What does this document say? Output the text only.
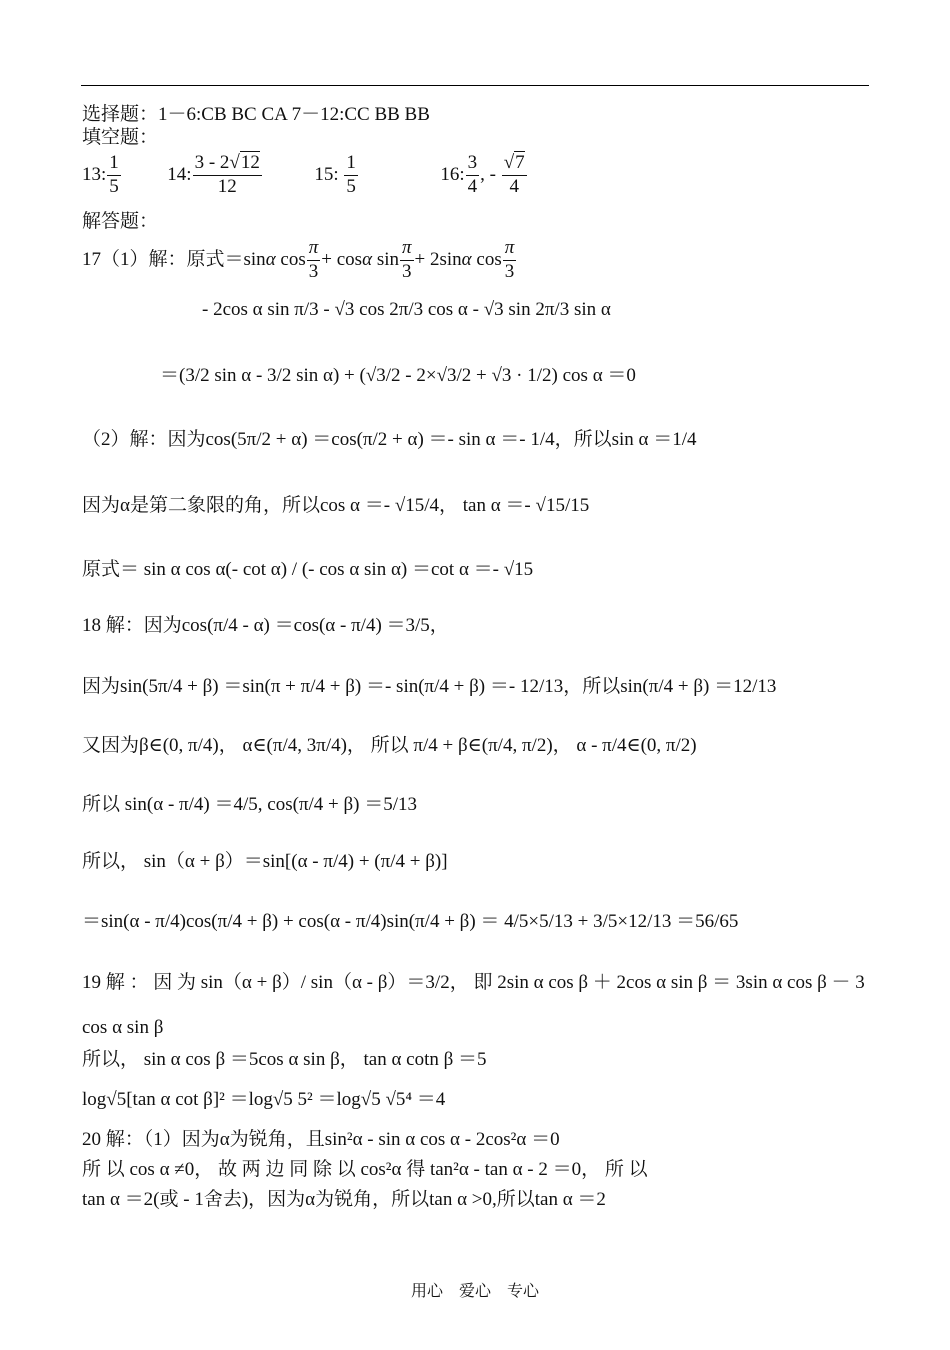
选择题：1－6:CB BC CA 7－12:CC BB BB
填空题：
13: $\frac{1}{5} 14$: $\frac{3 - 2√12}{12}$	15: $\frac{1}{5}$	16: $\frac{3}{4}$ , - $\frac{√7}{4}$
解答题：
17（1）解：原式＝sinα $\cos \frac{\pi}{3} + \cos\alpha$ $\sin \frac{\pi}{3} + 2\sin\alpha$ $\cos \frac{\pi}{3}$
- 2cos α sin π/3 - √3 cos 2π/3 cos α - √3 sin 2π/3 sin α
＝(3/2 sin α - 3/2 sin α) + (√3/2 - 2×√3/2 + √3 · 1/2) cos α ＝0
（2）解：因为cos(5π/2 + α) ＝cos(π/2 + α) ＝- sin α ＝- 1/4，所以sin α ＝1/4
因为α是第二象限的角，所以cos α ＝- √15/4， tan α ＝- √15/15
原式＝ sin α cos α(- cot α) / (- cos α sin α) ＝cot α ＝- √15
18 解：因为cos(π/4 - α) ＝cos(α - π/4) ＝3/5，
因为sin(5π/4 + β) ＝sin(π + π/4 + β) ＝- sin(π/4 + β) ＝- 12/13，所以sin(π/4 + β) ＝12/13
又因为β∈(0, π/4)， α∈(π/4, 3π/4)， 所以 π/4 + β∈(π/4, π/2)， α - π/4∈(0, π/2)
所以 sin(α - π/4) ＝4/5, cos(π/4 + β) ＝5/13
所以， sin（α + β）＝sin[(α - π/4) + (π/4 + β)]
＝sin(α - π/4)cos(π/4 + β) + cos(α - π/4)sin(π/4 + β) ＝ 4/5×5/13 + 3/5×12/13 ＝56/65
19 解 ： 因 为 sin（α + β）/ sin（α - β）＝3/2， 即 2sin α cos β ＋ 2cos α sin β ＝ 3sin α cos β － 3
cos α sin β
所以， sin α cos β ＝5cos α sin β， tan α cotn β ＝5
log√5[tan α cot β]² ＝log√5 5² ＝log√5 √5⁴ ＝4
20 解：（1）因为α为锐角，且sin²α - sin α cos α - 2cos²α ＝0
所 以 cos α ≠0， 故 两 边 同 除 以 cos²α 得 tan²α - tan α - 2 ＝0， 所 以
tan α ＝2(或 - 1舍去)，因为α为锐角，所以tan α >0,所以tan α ＝2
用心　爱心　专心
